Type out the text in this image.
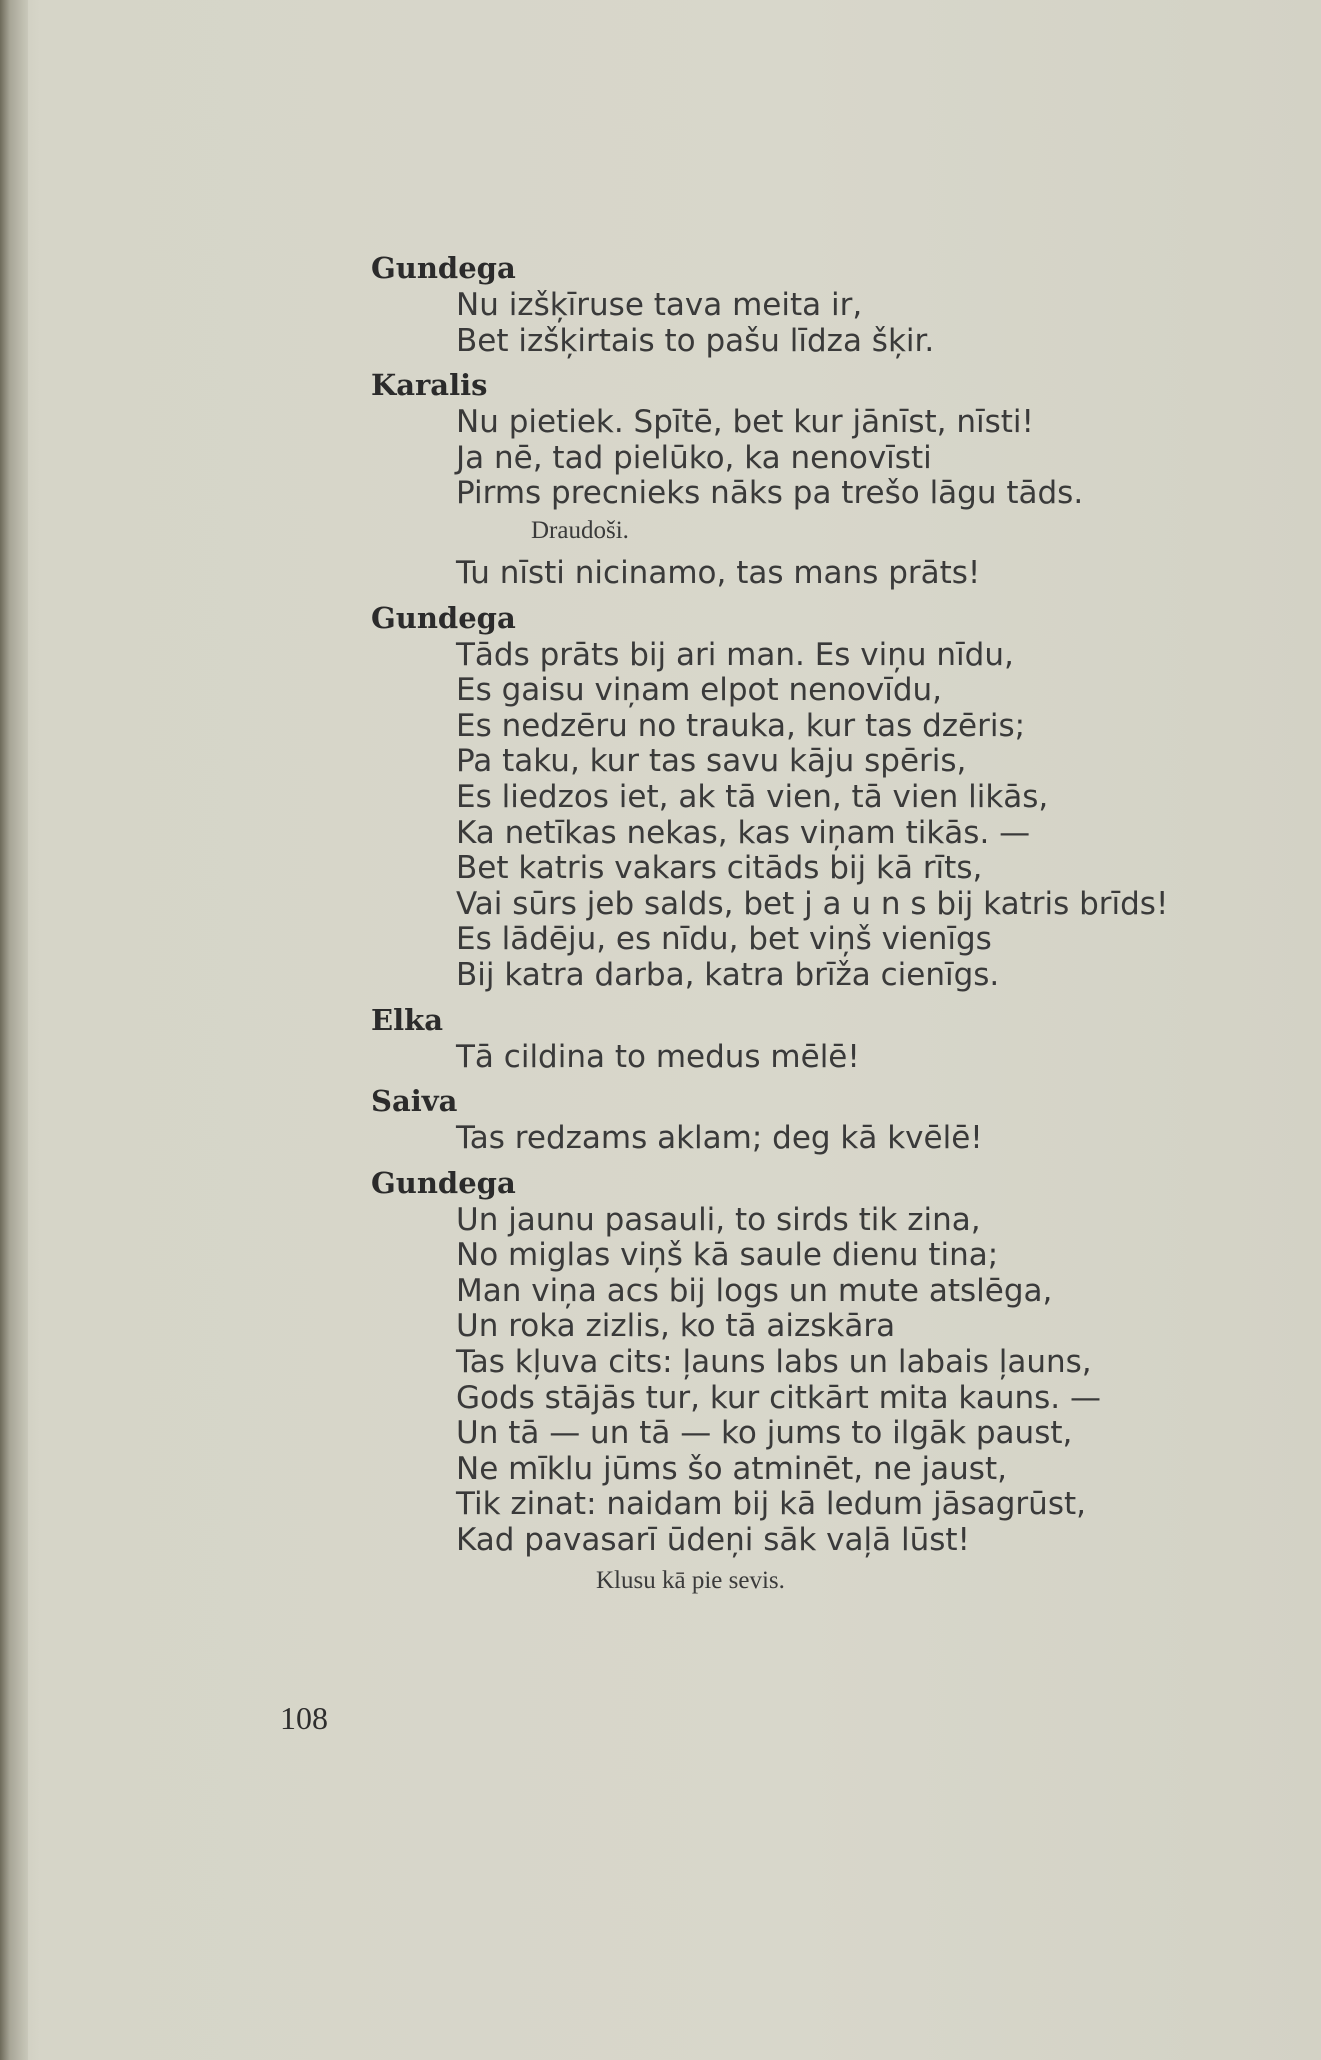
Gundega
Nu izšķīruse tava meita ir,
Bet izšķirtais to pašu līdza šķir.
Karalis
Nu pietiek. Spītē, bet kur jānīst, nīsti!
Ja nē, tad pielūko, ka nenovīsti
Pirms precnieks nāks pa trešo lāgu tāds.
Draudoši.
Tu nīsti nicinamo, tas mans prāts!
Gundega
Tāds prāts bij ari man. Es viņu nīdu,
Es gaisu viņam elpot nenovīdu,
Es nedzēru no trauka, kur tas dzēris;
Pa taku, kur tas savu kāju spēris,
Es liedzos iet, ak tā vien, tā vien likās,
Ka netīkas nekas, kas viņam tikās. —
Bet katris vakars citāds bij kā rīts,
Vai sūrs jeb salds, bet j a u n s bij katris brīds!
Es lādēju, es nīdu, bet viņš vienīgs
Bij katra darba, katra brīža cienīgs.
Elka
Tā cildina to medus mēlē!
Saiva
Tas redzams aklam; deg kā kvēlē!
Gundega
Un jaunu pasauli, to sirds tik zina,
No miglas viņš kā saule dienu tina;
Man viņa acs bij logs un mute atslēga,
Un roka zizlis, ko tā aizskāra
Tas kļuva cits: ļauns labs un labais ļauns,
Gods stājās tur, kur citkārt mita kauns. —
Un tā — un tā — ko jums to ilgāk paust,
Ne mīklu jūms šo atminēt, ne jaust,
Tik zinat: naidam bij kā ledum jāsagrūst,
Kad pavasarī ūdeņi sāk vaļā lūst!
Klusu kā pie sevis.
108
